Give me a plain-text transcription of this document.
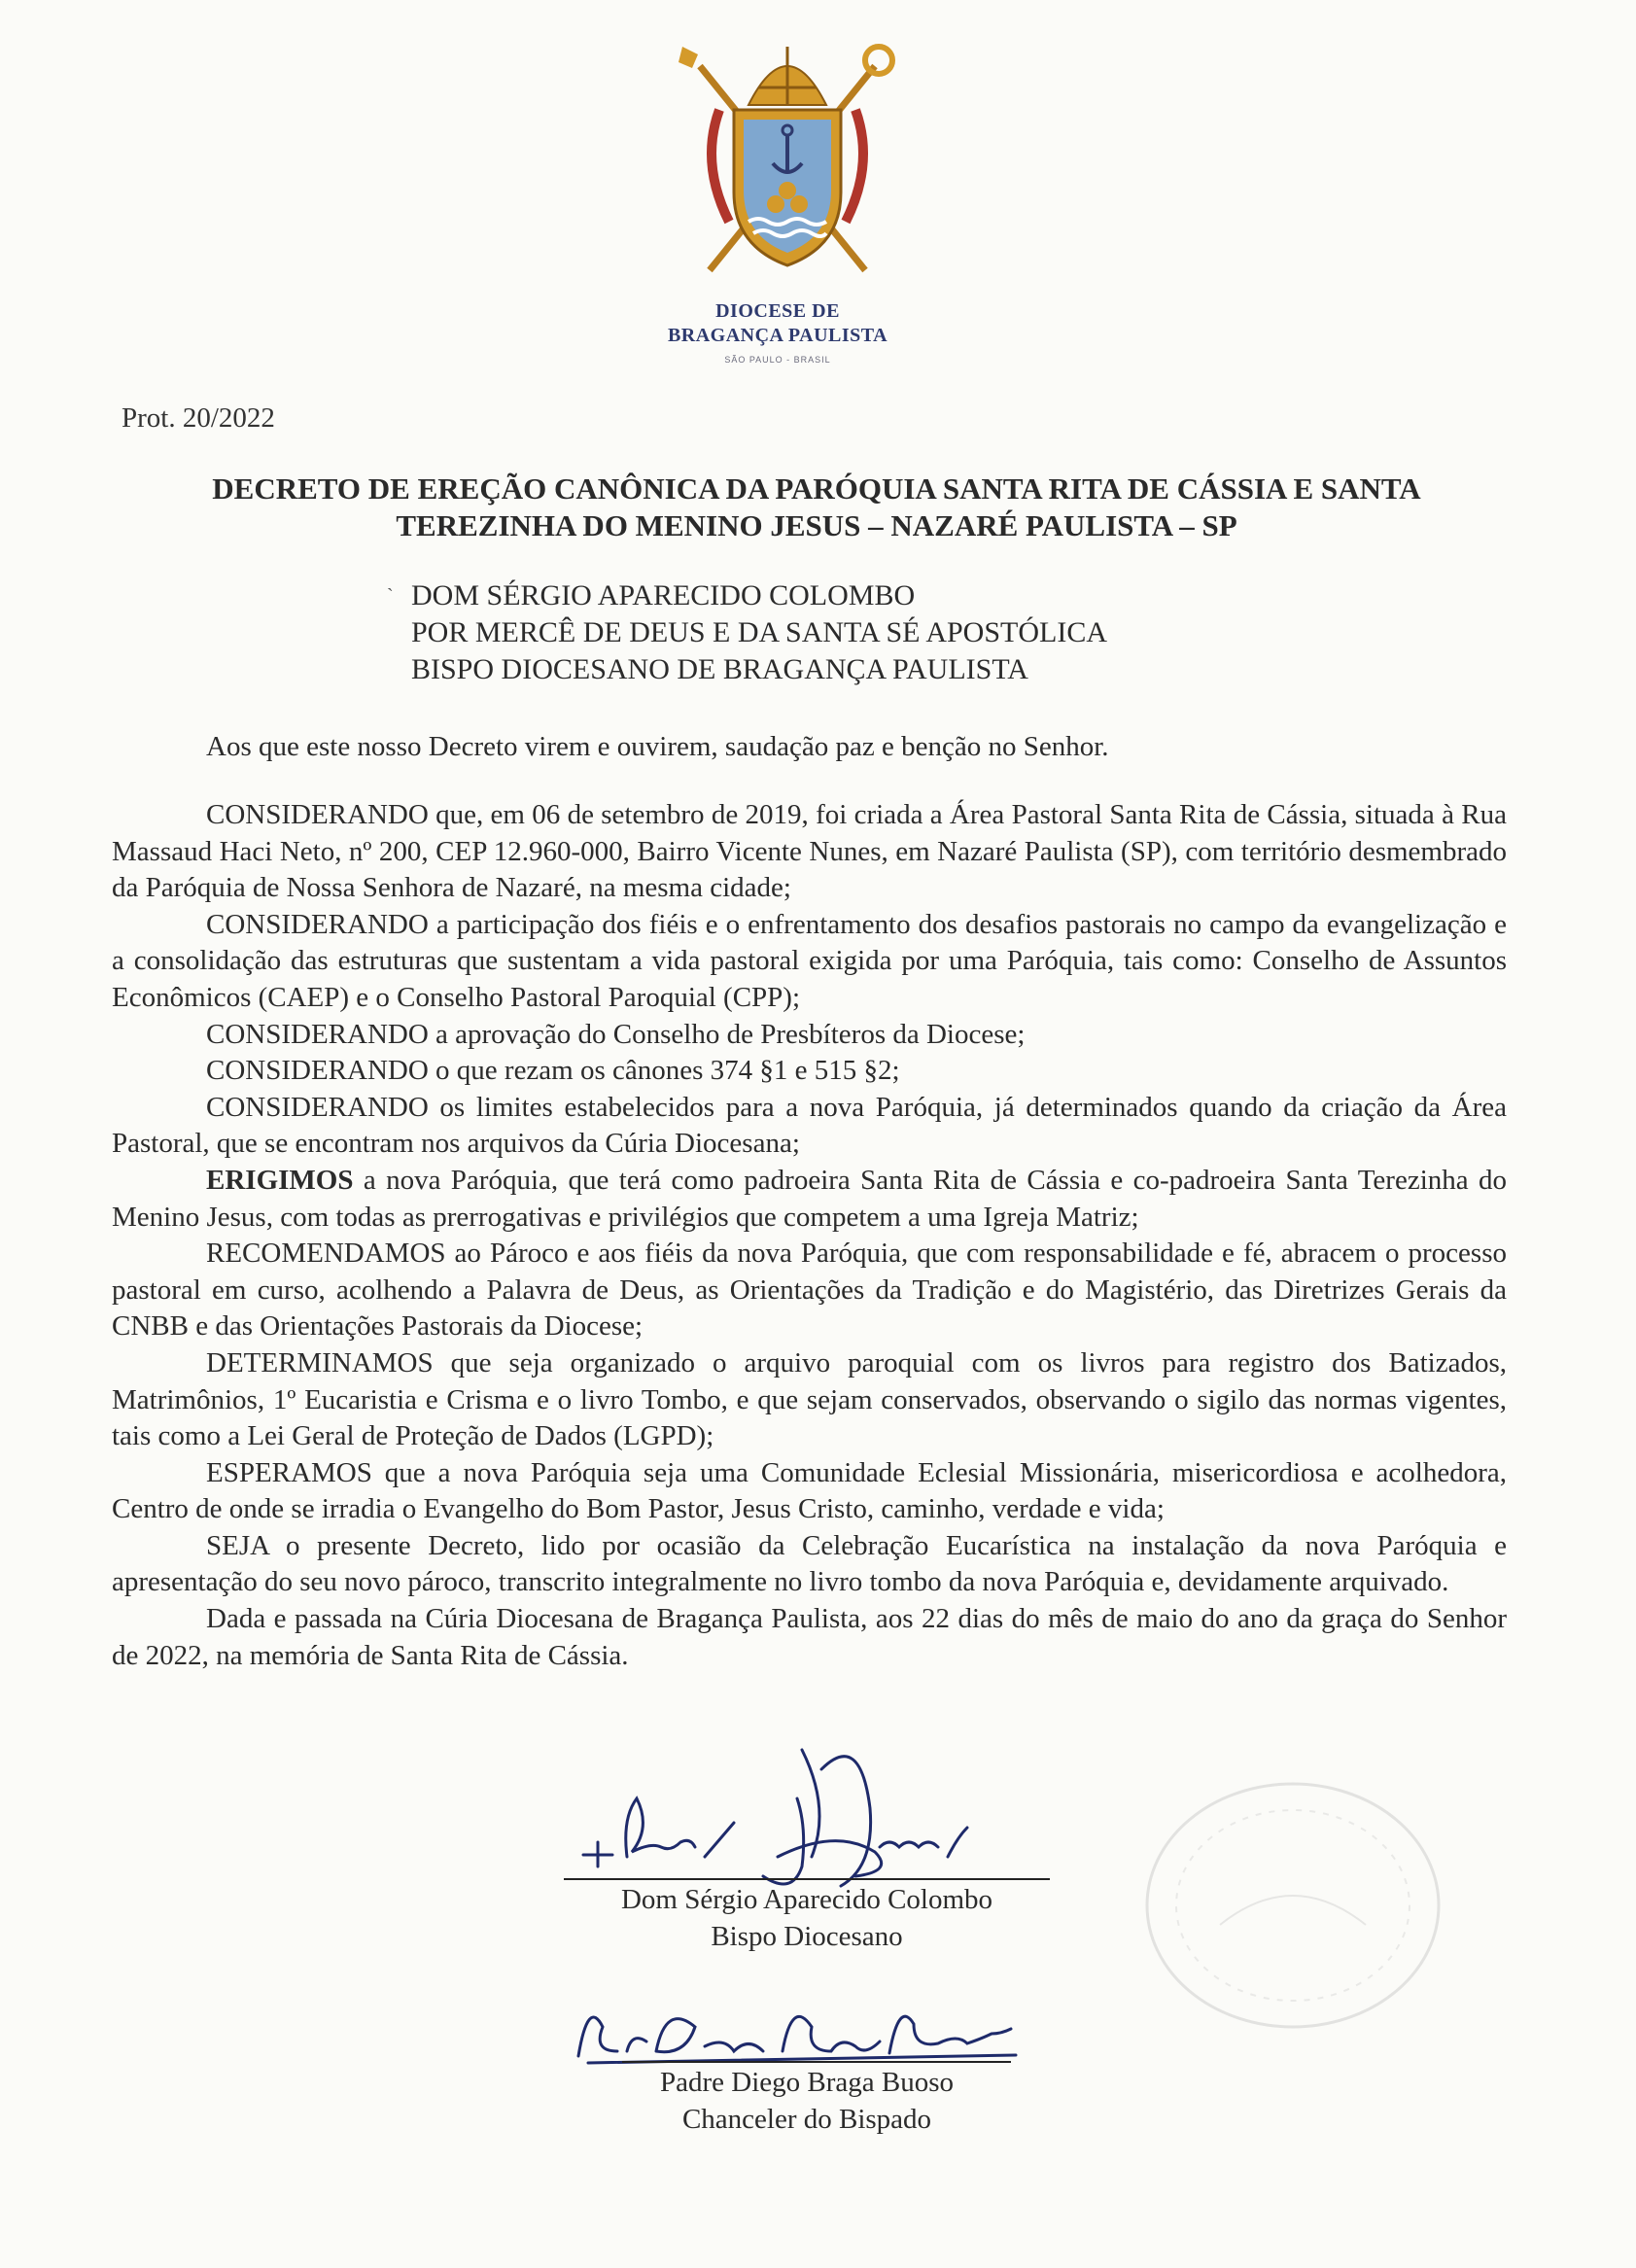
DIOCESE DE
BRAGANÇA PAULISTA
SÃO PAULO - BRASIL
Prot. 20/2022
DECRETO DE EREÇÃO CANÔNICA DA PARÓQUIA SANTA RITA DE CÁSSIA E SANTA
TEREZINHA DO MENINO JESUS – NAZARÉ PAULISTA – SP
` DOM SÉRGIO APARECIDO COLOMBO
POR MERCÊ DE DEUS E DA SANTA SÉ APOSTÓLICA
BISPO DIOCESANO DE BRAGANÇA PAULISTA
Aos que este nosso Decreto virem e ouvirem, saudação paz e benção no Senhor.

CONSIDERANDO que, em 06 de setembro de 2019, foi criada a Área Pastoral Santa Rita de Cássia, situada à Rua Massaud Haci Neto, nº 200, CEP 12.960-000, Bairro Vicente Nunes, em Nazaré Paulista (SP), com território desmembrado da Paróquia de Nossa Senhora de Nazaré, na mesma cidade;

CONSIDERANDO a participação dos fiéis e o enfrentamento dos desafios pastorais no campo da evangelização e a consolidação das estruturas que sustentam a vida pastoral exigida por uma Paróquia, tais como: Conselho de Assuntos Econômicos (CAEP) e o Conselho Pastoral Paroquial (CPP);

CONSIDERANDO a aprovação do Conselho de Presbíteros da Diocese;

CONSIDERANDO o que rezam os cânones 374 §1 e 515 §2;

CONSIDERANDO os limites estabelecidos para a nova Paróquia, já determinados quando da criação da Área Pastoral, que se encontram nos arquivos da Cúria Diocesana;

ERIGIMOS a nova Paróquia, que terá como padroeira Santa Rita de Cássia e co-padroeira Santa Terezinha do Menino Jesus, com todas as prerrogativas e privilégios que competem a uma Igreja Matriz;

RECOMENDAMOS ao Pároco e aos fiéis da nova Paróquia, que com responsabilidade e fé, abracem o processo pastoral em curso, acolhendo a Palavra de Deus, as Orientações da Tradição e do Magistério, das Diretrizes Gerais da CNBB e das Orientações Pastorais da Diocese;

DETERMINAMOS que seja organizado o arquivo paroquial com os livros para registro dos Batizados, Matrimônios, 1º Eucaristia e Crisma e o livro Tombo, e que sejam conservados, observando o sigilo das normas vigentes, tais como a Lei Geral de Proteção de Dados (LGPD);

ESPERAMOS que a nova Paróquia seja uma Comunidade Eclesial Missionária, misericordiosa e acolhedora, Centro de onde se irradia o Evangelho do Bom Pastor, Jesus Cristo, caminho, verdade e vida;

SEJA o presente Decreto, lido por ocasião da Celebração Eucarística na instalação da nova Paróquia e apresentação do seu novo pároco, transcrito integralmente no livro tombo da nova Paróquia e, devidamente arquivado.

Dada e passada na Cúria Diocesana de Bragança Paulista, aos 22 dias do mês de maio do ano da graça do Senhor de 2022, na memória de Santa Rita de Cássia.

Dom Sérgio Aparecido Colombo
Bispo Diocesano
Padre Diego Braga Buoso
Chanceler do Bispado
